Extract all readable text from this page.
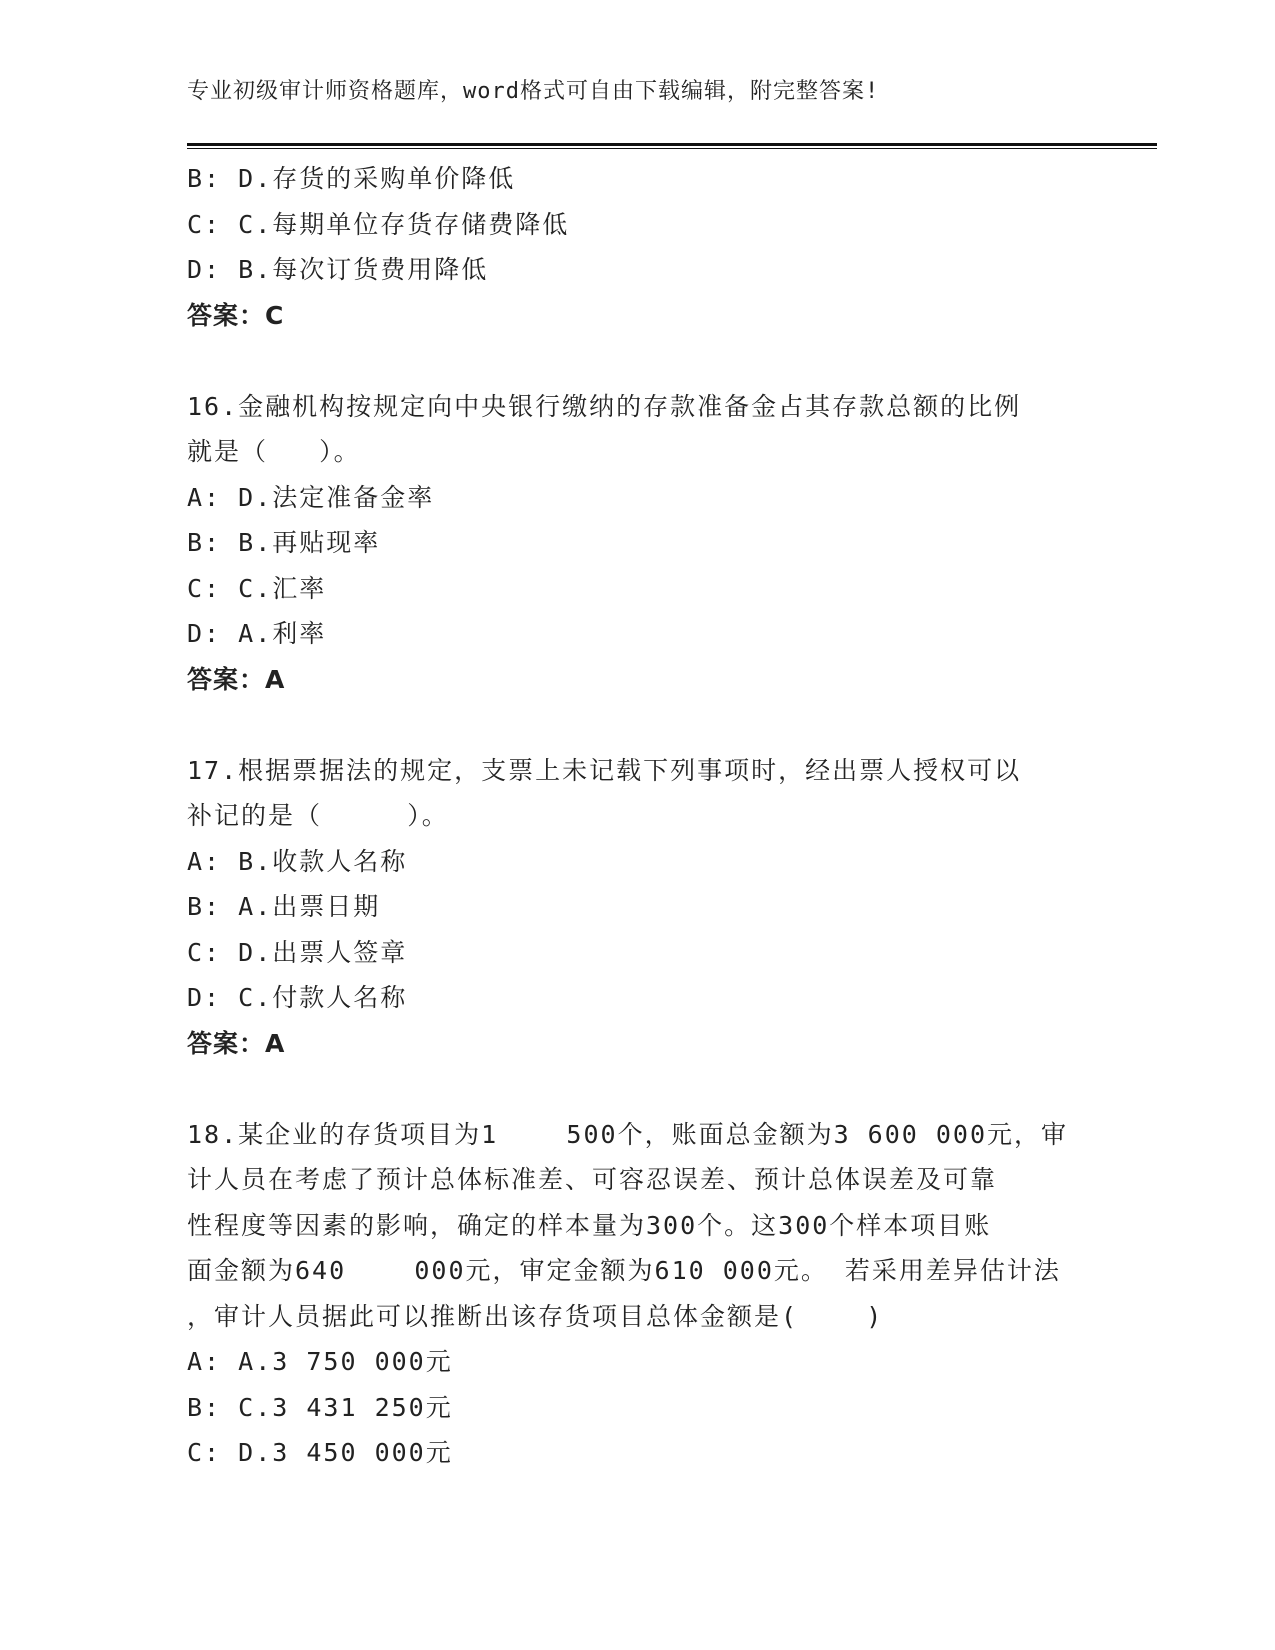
专业初级审计师资格题库，word格式可自由下载编辑，附完整答案!
B: D.存货的采购单价降低
C: C.每期单位存货存储费降低
D: B.每次订货费用降低
答案：C
16.金融机构按规定向中央银行缴纳的存款准备金占其存款总额的比例
就是（   ）。
A: D.法定准备金率
B: B.再贴现率
C: C.汇率
D: A.利率
答案：A
17.根据票据法的规定，支票上未记载下列事项时，经出票人授权可以
补记的是（     ）。
A: B.收款人名称
B: A.出票日期
C: D.出票人签章
D: C.付款人名称
答案：A
18.某企业的存货项目为1    500个，账面总金额为3 600 000元，审
计人员在考虑了预计总体标准差、可容忍误差、预计总体误差及可靠
性程度等因素的影响，确定的样本量为300个。这300个样本项目账
面金额为640    000元，审定金额为610 000元。 若采用差异估计法
，审计人员据此可以推断出该存货项目总体金额是(    )
A: A.3 750 000元
B: C.3 431 250元
C: D.3 450 000元
